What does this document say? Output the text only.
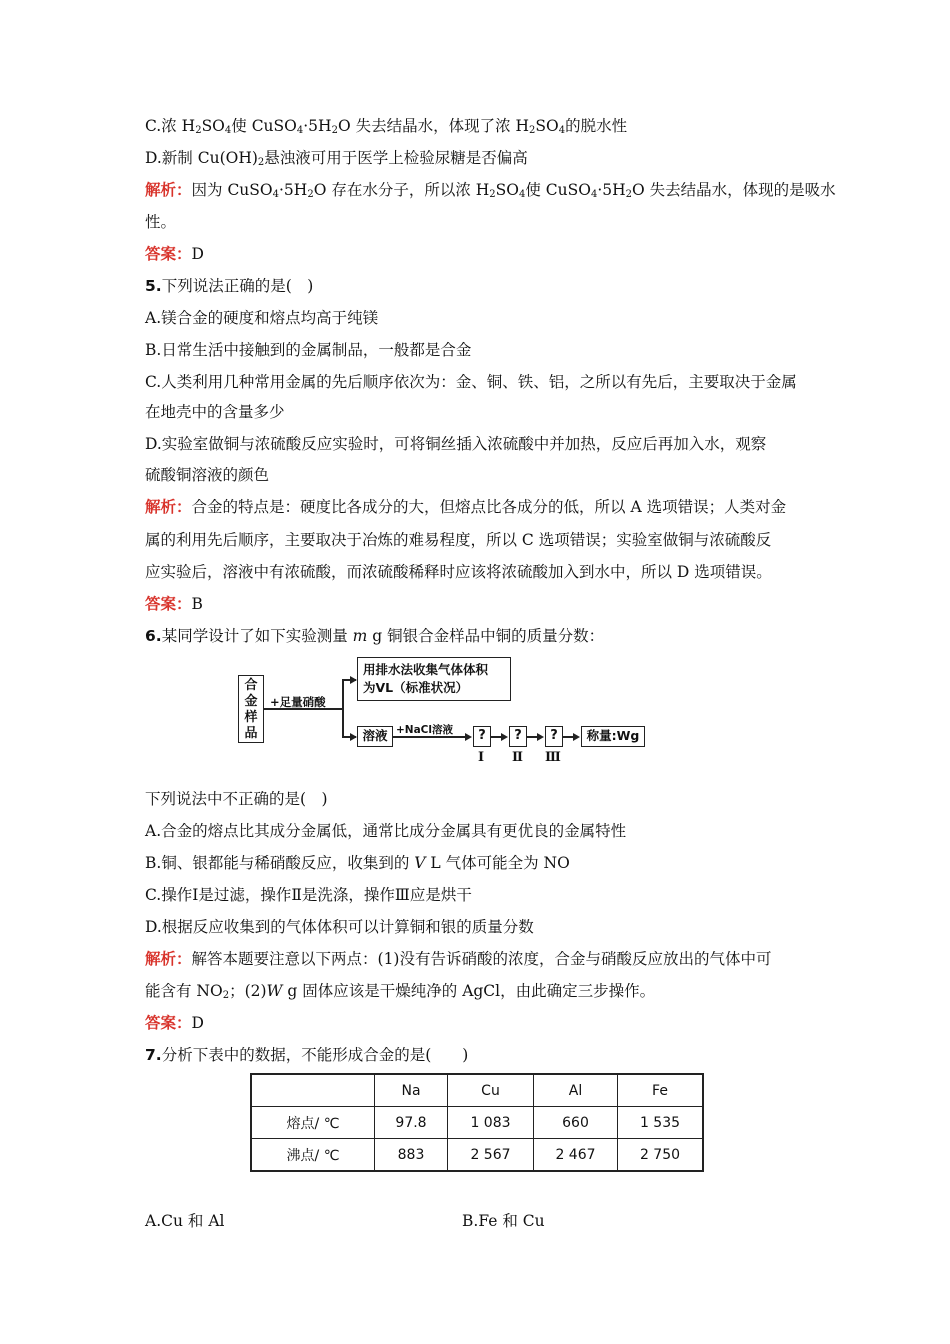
C.浓 $H_2SO_4$使 $CuSO_4\cdot 5H_2O$ 失去结晶水，体现了浓 $H_2SO_4$的脱水性
D.新制 $Cu(OH)_2$悬浊液可用于医学上检验尿糖是否偏高
解析：因为 $CuSO_4\cdot 5H_2O$ 存在水分子，所以浓 $H_2SO_4$使 $CuSO_4\cdot 5H_2O$ 失去结晶水，体现的是吸水
性。
答案：D
5.下列说法正确的是(　)
A.镁合金的硬度和熔点均高于纯镁
B.日常生活中接触到的金属制品，一般都是合金
C.人类利用几种常用金属的先后顺序依次为：金、铜、铁、铝，之所以有先后，主要取决于金属
在地壳中的含量多少
D.实验室做铜与浓硫酸反应实验时，可将铜丝插入浓硫酸中并加热，反应后再加入水，观察
硫酸铜溶液的颜色
解析：合金的特点是：硬度比各成分的大，但熔点比各成分的低，所以 A 选项错误；人类对金
属的利用先后顺序，主要取决于冶炼的难易程度，所以 C 选项错误；实验室做铜与浓硫酸反
应实验后，溶液中有浓硫酸，而浓硫酸稀释时应该将浓硫酸加入到水中，所以 D 选项错误。
答案：B
6.某同学设计了如下实验测量 m g 铜银合金样品中铜的质量分数：
合金样品
+足量硝酸
用排水法收集气体体积
为VL（标准状况）
溶液 +NaCl溶液	?	?	?	称量:Wg
Ⅰ Ⅱ Ⅲ
下列说法中不正确的是(　)
A.合金的熔点比其成分金属低，通常比成分金属具有更优良的金属特性
B.铜、银都能与稀硝酸反应，收集到的 V L 气体可能全为 NO
C.操作Ⅰ是过滤，操作Ⅱ是洗涤，操作Ⅲ应是烘干
D.根据反应收集到的气体体积可以计算铜和银的质量分数
解析：解答本题要注意以下两点：(1)没有告诉硝酸的浓度，合金与硝酸反应放出的气体中可
能含有 $NO_2$；(2)W g 固体应该是干燥纯净的 AgCl，由此确定三步操作。
答案：D
7.分析下表中的数据，不能形成合金的是(　　)
	Na	Cu	Al	Fe
熔点/ ℃	97.8	1 083	660	1 535
沸点/ ℃	883	2 567	2 467	2 750
A.Cu 和 Al	B.Fe 和 Cu
